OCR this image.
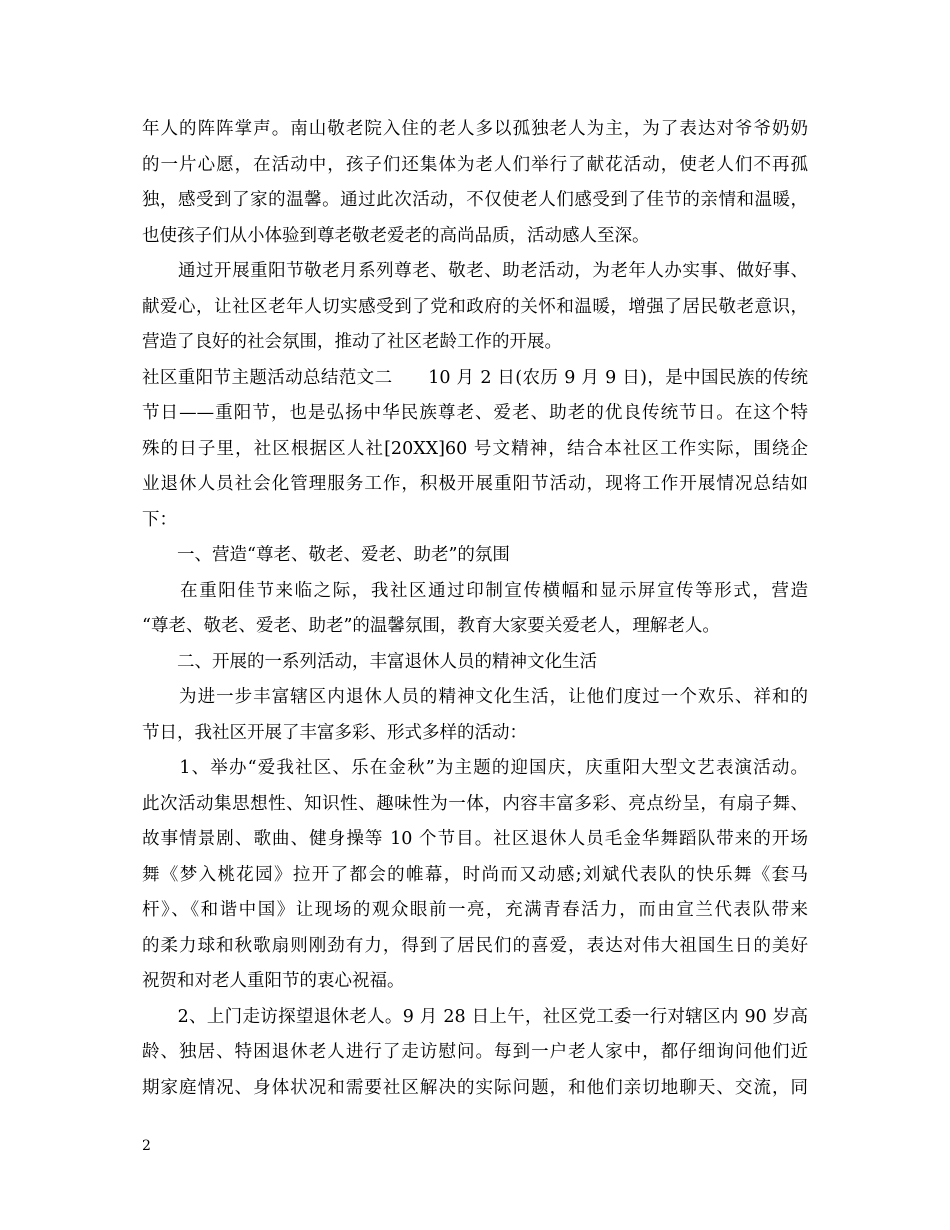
年人的阵阵掌声。南山敬老院入住的老人多以孤独老人为主，为了表达对爷爷奶奶
的一片心愿，在活动中，孩子们还集体为老人们举行了献花活动，使老人们不再孤
独，感受到了家的温馨。通过此次活动，不仅使老人们感受到了佳节的亲情和温暖，
也使孩子们从小体验到尊老敬老爱老的高尚品质，活动感人至深。
　　通过开展重阳节敬老月系列尊老、敬老、助老活动，为老年人办实事、做好事、
献爱心，让社区老年人切实感受到了党和政府的关怀和温暖，增强了居民敬老意识，
营造了良好的社会氛围，推动了社区老龄工作的开展。
社区重阳节主题活动总结范文二　　10 月 2 日(农历 9 月 9 日)，是中国民族的传统
节日——重阳节，也是弘扬中华民族尊老、爱老、助老的优良传统节日。在这个特
殊的日子里，社区根据区人社[20XX]60 号文精神，结合本社区工作实际，围绕企
业退休人员社会化管理服务工作，积极开展重阳节活动，现将工作开展情况总结如
下：
　　一、营造“尊老、敬老、爱老、助老”的氛围
　　在重阳佳节来临之际，我社区通过印制宣传横幅和显示屏宣传等形式，营造
“尊老、敬老、爱老、助老”的温馨氛围，教育大家要关爱老人，理解老人。
　　二、开展的一系列活动，丰富退休人员的精神文化生活
　　为进一步丰富辖区内退休人员的精神文化生活，让他们度过一个欢乐、祥和的
节日，我社区开展了丰富多彩、形式多样的活动：
　　1、举办“爱我社区、乐在金秋”为主题的迎国庆，庆重阳大型文艺表演活动。
此次活动集思想性、知识性、趣味性为一体，内容丰富多彩、亮点纷呈，有扇子舞、
故事情景剧、歌曲、健身操等 10 个节目。社区退休人员毛金华舞蹈队带来的开场
舞《梦入桃花园》拉开了都会的帷幕，时尚而又动感;刘斌代表队的快乐舞《套马
杆》、《和谐中国》让现场的观众眼前一亮，充满青春活力，而由宣兰代表队带来
的柔力球和秋歌扇则刚劲有力，得到了居民们的喜爱，表达对伟大祖国生日的美好
祝贺和对老人重阳节的衷心祝福。
　　2、上门走访探望退休老人。9 月 28 日上午，社区党工委一行对辖区内 90 岁高
龄、独居、特困退休老人进行了走访慰问。每到一户老人家中，都仔细询问他们近
期家庭情况、身体状况和需要社区解决的实际问题，和他们亲切地聊天、交流，同
2
